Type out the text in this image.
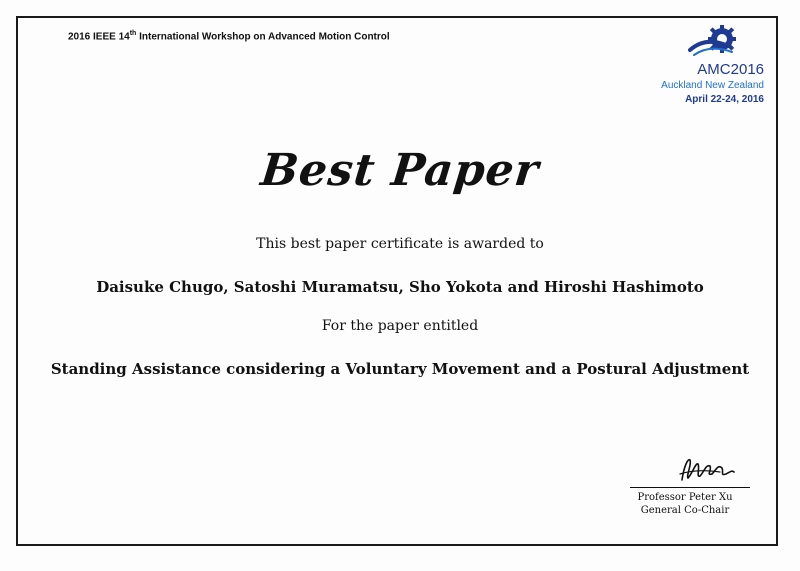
2016 IEEE 14th International Workshop on Advanced Motion Control
AMC2016
Auckland New Zealand
April 22-24, 2016
Best Paper
This best paper certificate is awarded to
Daisuke Chugo, Satoshi Muramatsu, Sho Yokota and Hiroshi Hashimoto
For the paper entitled
Standing Assistance considering a Voluntary Movement and a Postural Adjustment
Professor Peter Xu
General Co-Chair
